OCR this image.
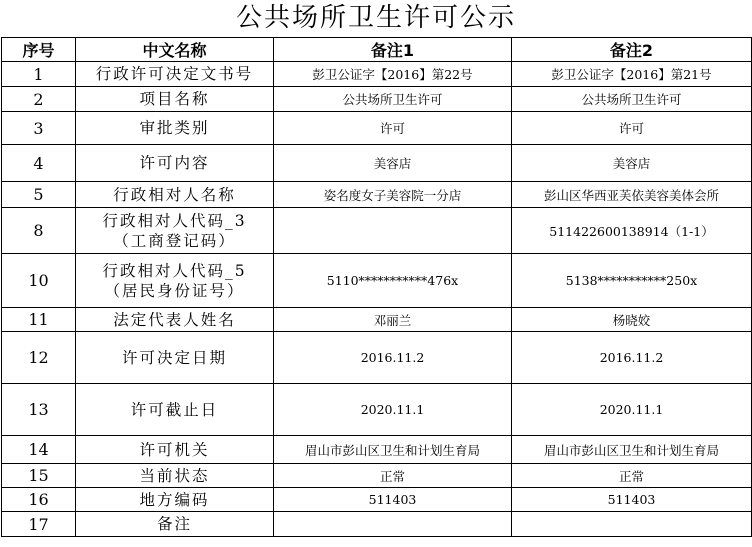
公共场所卫生许可公示
序号	中文名称	备注1	备注2
1	行政许可决定文书号	彭卫公证字【2016】第22号	彭卫公证字【2016】第21号
2	项目名称	公共场所卫生许可	公共场所卫生许可
3	审批类别	许可	许可
4	许可内容	美容店	美容店
5	行政相对人名称	姿名度女子美容院一分店	彭山区华西亚芙依美容美体会所
8	行政相对人代码_3
（工商登记码）		511422600138914（1-1）
10	行政相对人代码_5
（居民身份证号）	5110***********476x	5138***********250x
11	法定代表人姓名	邓丽兰	杨晓姣
12	许可决定日期	2016.11.2	2016.11.2
13	许可截止日	2020.11.1	2020.11.1
14	许可机关	眉山市彭山区卫生和计划生育局	眉山市彭山区卫生和计划生育局
15	当前状态	正常	正常
16	地方编码	511403	511403
17	备注		
